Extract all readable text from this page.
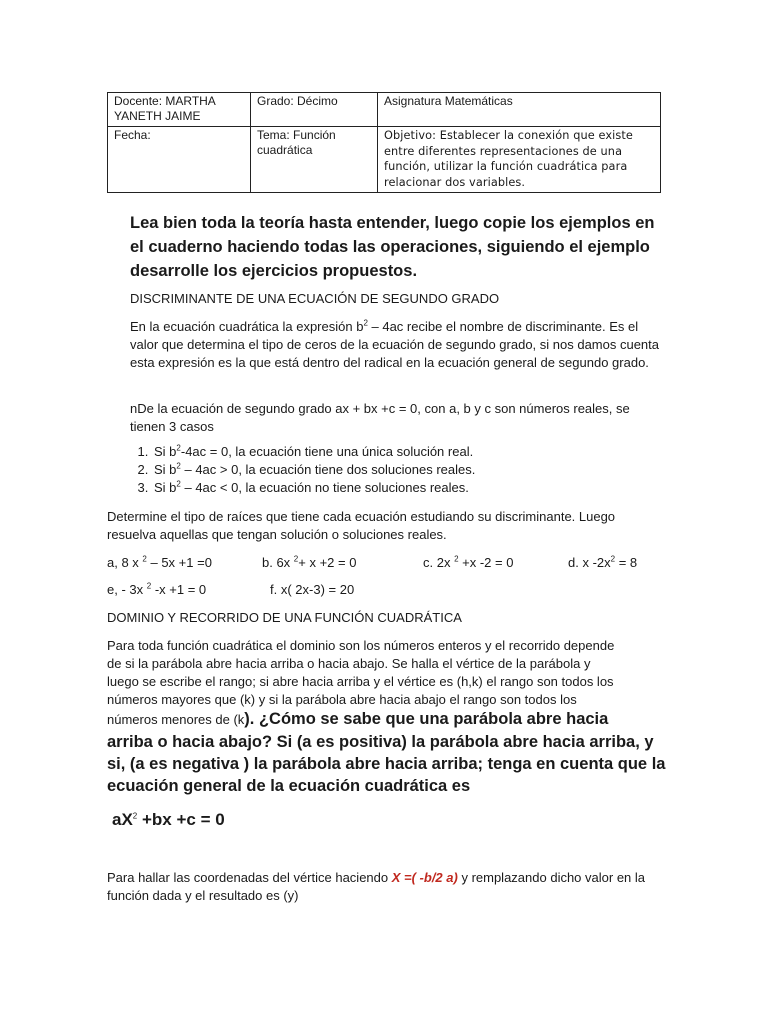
Docente: MARTHA YANETH JAIME	Grado: Décimo	Asignatura Matemáticas
Fecha:	Tema: Función cuadrática	Objetivo: Establecer la conexión que existe entre diferentes representaciones de una función, utilizar la función cuadrática para relacionar dos variables.
Lea bien toda la teoría hasta entender, luego copie los ejemplos en el cuaderno haciendo todas las operaciones, siguiendo el ejemplo desarrolle los ejercicios propuestos.
DISCRIMINANTE DE UNA ECUACIÓN DE SEGUNDO GRADO
En la ecuación cuadrática la expresión $b^2 - 4ac$ recibe el nombre de discriminante. Es el valor que determina el tipo de ceros de la ecuación de segundo grado, si nos damos cuenta esta expresión es la que está dentro del radical en la ecuación general de segundo grado.
nDe la ecuación de segundo grado ax + bx +c = 0, con a, b y c son números reales, se tienen 3 casos
1. Si $b^2-4ac = 0$, la ecuación tiene una única solución real.
2. Si $b^2 - 4ac > 0$, la ecuación tiene dos soluciones reales.
3. Si $b^2 - 4ac < 0$, la ecuación no tiene soluciones reales.
Determine el tipo de raíces que tiene cada ecuación estudiando su discriminante. Luego resuelva aquellas que tengan solución o soluciones reales.
a, 8 x $^2$ – 5x +1 =0	b. 6x $^2$+ x +2 = 0	c. 2x $^2$ +x -2 = 0	d. x $-2x^2 = 8$
e, - 3x $^2$ -x +1 = 0	f. x( 2x-3) = 20
DOMINIO Y RECORRIDO DE UNA FUNCIÓN CUADRÁTICA
Para toda función cuadrática el dominio son los números enteros y el recorrido depende
de si la parábola abre hacia arriba o hacia abajo. Se halla el vértice de la parábola y
luego se escribe el rango; si abre hacia arriba y el vértice es (h,k) el rango son todos los
números mayores que (k) y si la parábola abre hacia abajo el rango son todos los
números menores de (k). ¿Cómo se sabe que una parábola abre hacia
arriba o hacia abajo? Si (a es positiva) la parábola abre hacia arriba, y si, (a es negativa ) la parábola abre hacia arriba; tenga en cuenta que la ecuación general de la ecuación cuadrática es
$aX^2 +bx +c = 0$
Para hallar las coordenadas del vértice haciendo X =( -b/2 a) y remplazando dicho valor en la función dada y el resultado es (y)
